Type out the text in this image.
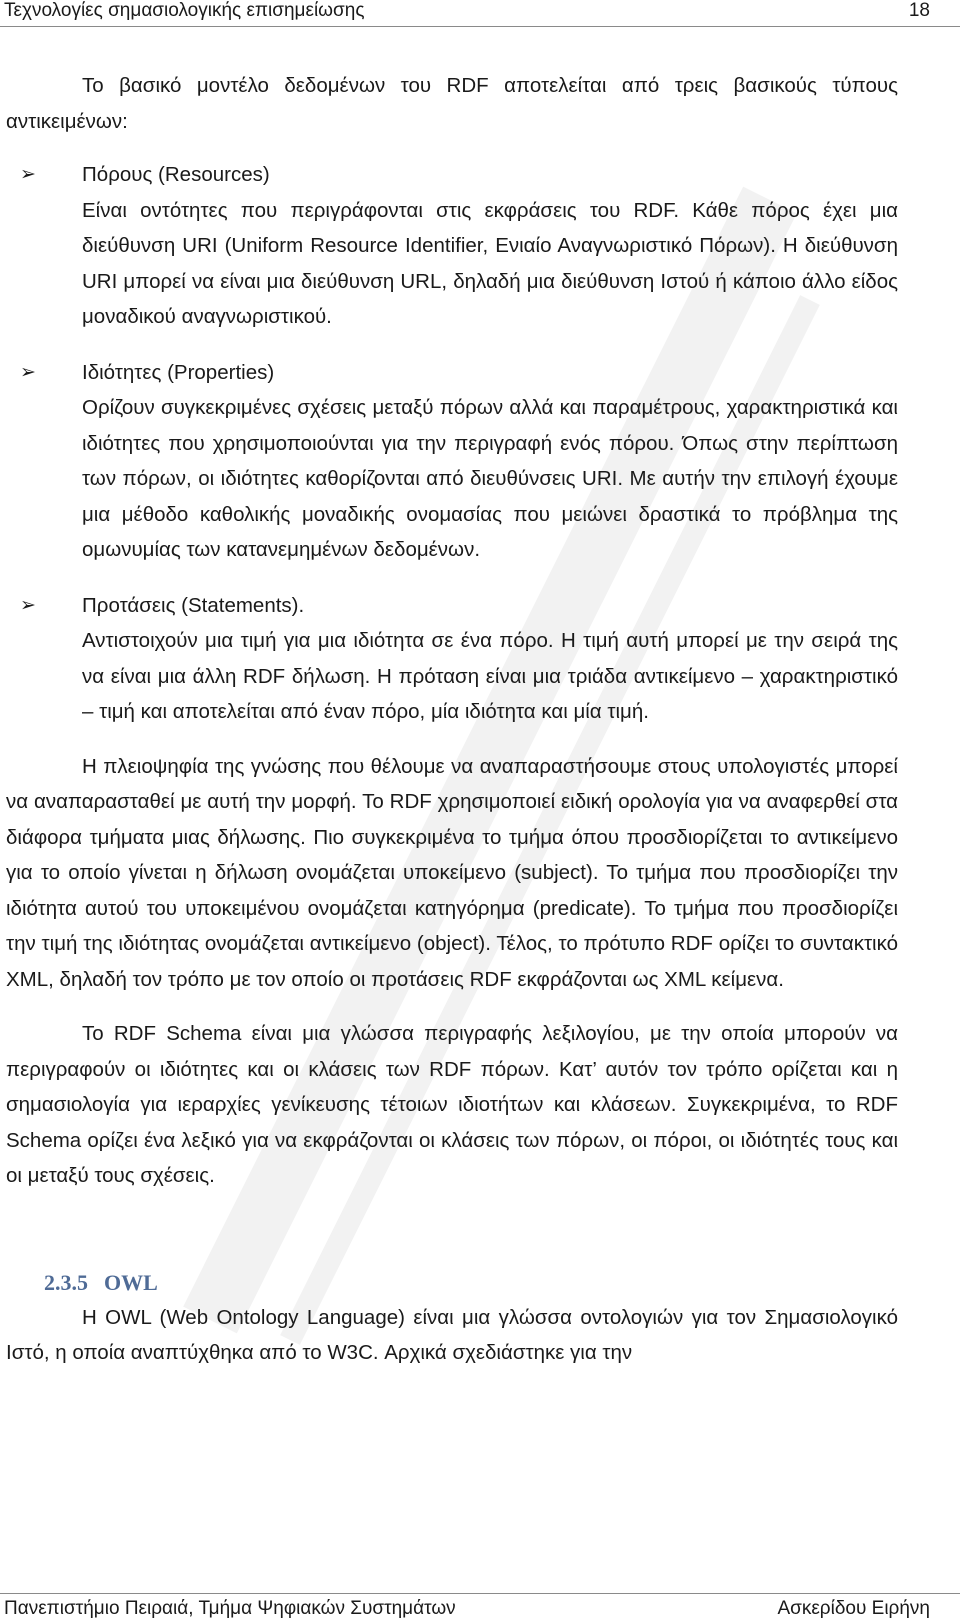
Τεχνολογίες σημασιολογικής επισημείωσης	18

Το βασικό μοντέλο δεδομένων του RDF αποτελείται από τρεις βασικούς τύπους αντικειμένων:

➢ Πόρους (Resources)

Είναι οντότητες που περιγράφονται στις εκφράσεις του RDF. Κάθε πόρος έχει μια διεύθυνση URI (Uniform Resource Identifier, Ενιαίο Αναγνωριστικό Πόρων). Η διεύθυνση URI μπορεί να είναι μια διεύθυνση URL, δηλαδή μια διεύθυνση Ιστού ή κάποιο άλλο είδος μοναδικού αναγνωριστικού.

➢ Ιδιότητες (Properties)

Ορίζουν συγκεκριμένες σχέσεις μεταξύ πόρων αλλά και παραμέτρους, χαρακτηριστικά και ιδιότητες που χρησιμοποιούνται για την περιγραφή ενός πόρου. Όπως στην περίπτωση των πόρων, οι ιδιότητες καθορίζονται από διευθύνσεις URI. Με αυτήν την επιλογή έχουμε μια μέθοδο καθολικής μοναδικής ονομασίας που μειώνει δραστικά το πρόβλημα της ομωνυμίας των κατανεμημένων δεδομένων.

➢ Προτάσεις (Statements).

Αντιστοιχούν μια τιμή για μια ιδιότητα σε ένα πόρο. Η τιμή αυτή μπορεί με την σειρά της να είναι μια άλλη RDF δήλωση. Η πρόταση είναι μια τριάδα αντικείμενο – χαρακτηριστικό – τιμή και αποτελείται από έναν πόρο, μία ιδιότητα και μία τιμή.

Η πλειοψηφία της γνώσης που θέλουμε να αναπαραστήσουμε στους υπολογιστές μπορεί να αναπαρασταθεί με αυτή την μορφή. Το RDF χρησιμοποιεί ειδική ορολογία για να αναφερθεί στα διάφορα τμήματα μιας δήλωσης. Πιο συγκεκριμένα το τμήμα όπου προσδιορίζεται το αντικείμενο για το οποίο γίνεται η δήλωση ονομάζεται υποκείμενο (subject). Το τμήμα που προσδιορίζει την ιδιότητα αυτού του υποκειμένου ονομάζεται κατηγόρημα (predicate). Το τμήμα που προσδιορίζει την τιμή της ιδιότητας ονομάζεται αντικείμενο (object). Τέλος, το πρότυπο RDF ορίζει το συντακτικό XML, δηλαδή τον τρόπο με τον οποίο οι προτάσεις RDF εκφράζονται ως XML κείμενα.

Το RDF Schema είναι μια γλώσσα περιγραφής λεξιλογίου, με την οποία μπορούν να περιγραφούν οι ιδιότητες και οι κλάσεις των RDF πόρων. Κατ’ αυτόν τον τρόπο ορίζεται και η σημασιολογία για ιεραρχίες γενίκευσης τέτοιων ιδιοτήτων και κλάσεων. Συγκεκριμένα, το RDF Schema ορίζει ένα λεξικό για να εκφράζονται οι κλάσεις των πόρων, οι πόροι, οι ιδιότητές τους και οι μεταξύ τους σχέσεις.

2.3.5 OWL

Η OWL (Web Ontology Language) είναι μια γλώσσα οντολογιών για τον Σημασιολογικό Ιστό, η οποία αναπτύχθηκα από το W3C. Αρχικά σχεδιάστηκε για την

Πανεπιστήμιο Πειραιά, Τμήμα Ψηφιακών Συστημάτων	Ασκερίδου Ειρήνη
